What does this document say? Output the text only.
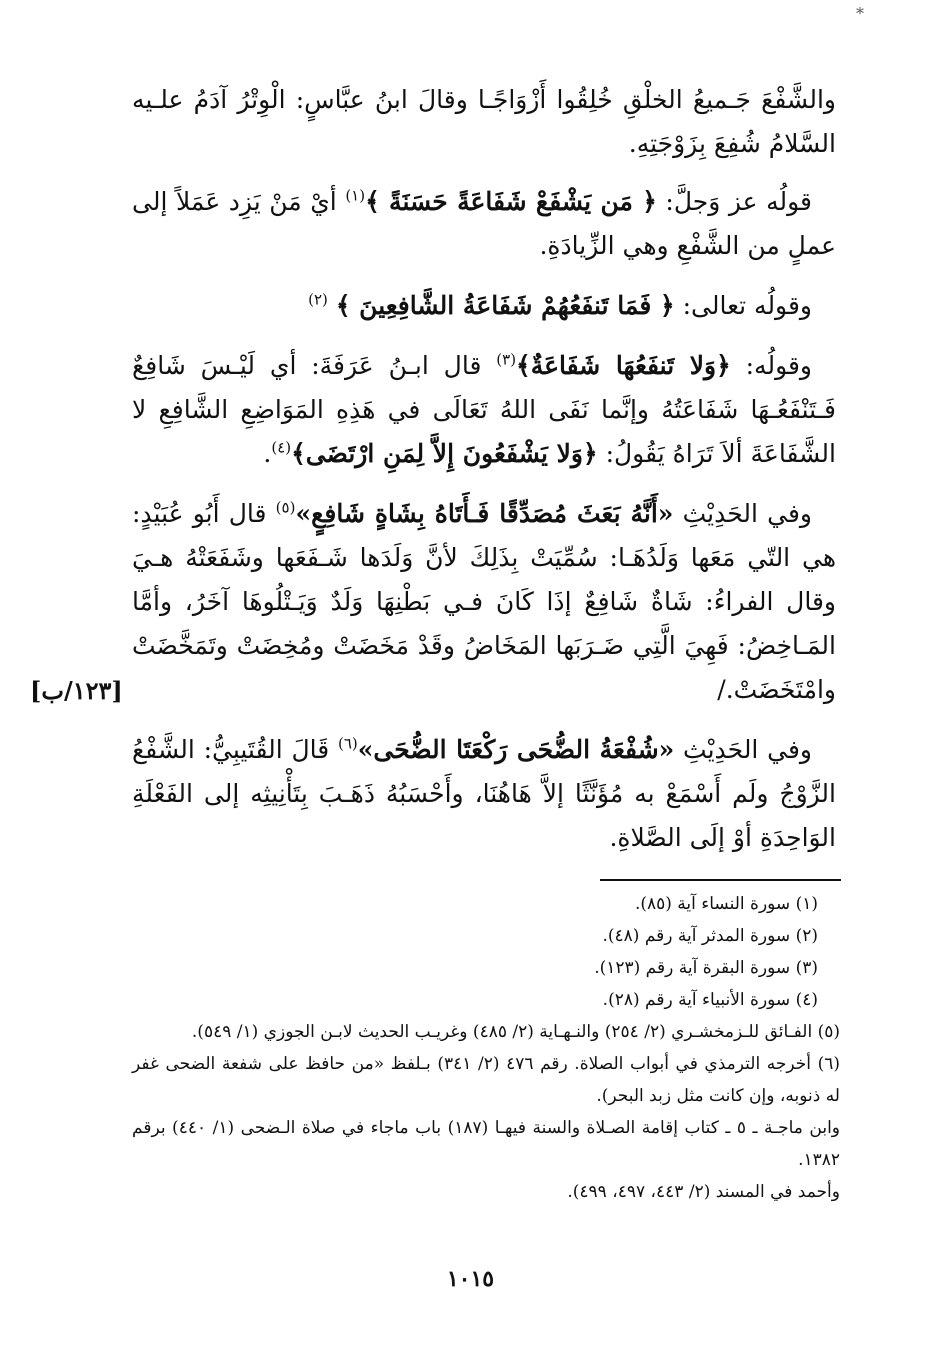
*

والشَّفْعَ جَـميعُ الخلْقِ خُلِقُوا أَزْوَاجًـا وقالَ ابنُ عبَّاسٍ: الْوِتْرُ آدَمُ علـيه السَّلامُ شُفِعَ بِزَوْجَتِهِ.

قولُه عز وَجلَّ: ﴿ مَن يَشْفَعْ شَفَاعَةً حَسَنَةً ﴾$^{(١)}$ أيْ مَنْ يَزِد عَمَلاً إلى عملٍ من الشَّفْعِ وهي الزِّيادَةِ.

وقولُه تعالى: ﴿ فَمَا تَنفَعُهُمْ شَفَاعَةُ الشَّافِعِينَ ﴾ $^{(٢)}$

وقولُه: ﴿وَلا تَنفَعُهَا شَفَاعَةٌ﴾$^{(٣)}$ قال ابـنُ عَرَفَةَ: أي لَيْـسَ شَافِعٌ فَـتَنْفَعُـهَا شَفَاعَتُهُ وإنَّما نَفَى اللهُ تَعَالَى في هَذِهِ المَوَاضِعِ الشَّافِعِ لا الشَّفَاعَةَ ألاَ تَرَاهُ يَقُولُ: ﴿وَلا يَشْفَعُونَ إِلاَّ لِمَنِ ارْتَضَى﴾$^{(٤)}$.

وفي الحَدِيْثِ «أَنَّهُ بَعَثَ مُصَدِّقًا فَـأَتَاهُ بِشَاةٍ شَافِعٍ»$^{(٥)}$ قال أَبُو عُبَيْدٍ: هي التّي مَعَها وَلَدُهَـا: سُمِّيَتْ بِذَلِكَ لأنَّ وَلَدَها شَـفَعَها وشَفَعَتْهُ هـيَ وقال الفراءُ: شَاةٌ شَافِعٌ إذَا كَانَ فـي بَطْنِهَا وَلَدٌ وَيَـتْلُوهَا آخَرُ، وأمَّا المَـاخِضُ: فَهِيَ الَّتِي ضَـرَبَها المَخَاضُ وقَدْ مَخَضَتْ ومُخِضَتْ وتَمَخَّضَتْ وامْتَخَضَتْ./

وفي الحَدِيْثِ «شُفْعَةُ الضُّحَى رَكْعَتَا الضُّحَى»$^{(٦)}$ قَالَ القُتَيبِيُّ: الشَّفْعُ الزَّوْجُ ولَم أَسْمَعْ به مُؤَنَّثًا إلاَّ هَاهُنَا، وأَحْسَبُهُ ذَهَـبَ بِتَأْنِيثِه إلى الفَعْلَةِ الوَاحِدَةِ أوْ إلَى الصَّلاةِ.

[١٢٣/ب]

(١) سورة النساء آية (٨٥).

(٢) سورة المدثر آية رقم (٤٨).

(٣) سورة البقرة آية رقم (١٢٣).

(٤) سورة الأنبياء آية رقم (٢٨).

(٥) الفـائق للـزمخشـري (٢/ ٢٥٤) والنـهـاية (٢/ ٤٨٥) وغريـب الحديث لابـن الجوزي (١/ ٥٤٩).

(٦) أخرجه الترمذي في أبواب الصلاة. رقم ٤٧٦ (٢/ ٣٤١) بـلفظ «من حافظ على شفعة الضحى غفر له ذنوبه، وإن كانت مثل زبد البحر).

وابن ماجـة ـ ٥ ـ كتاب إقامة الصـلاة والسنة فيهـا (١٨٧) باب ماجاء في صلاة الـضحى (١/ ٤٤٠) برقم ١٣٨٢.

وأحمد في المسند (٢/ ٤٤٣، ٤٩٧، ٤٩٩).

١٠١٥
